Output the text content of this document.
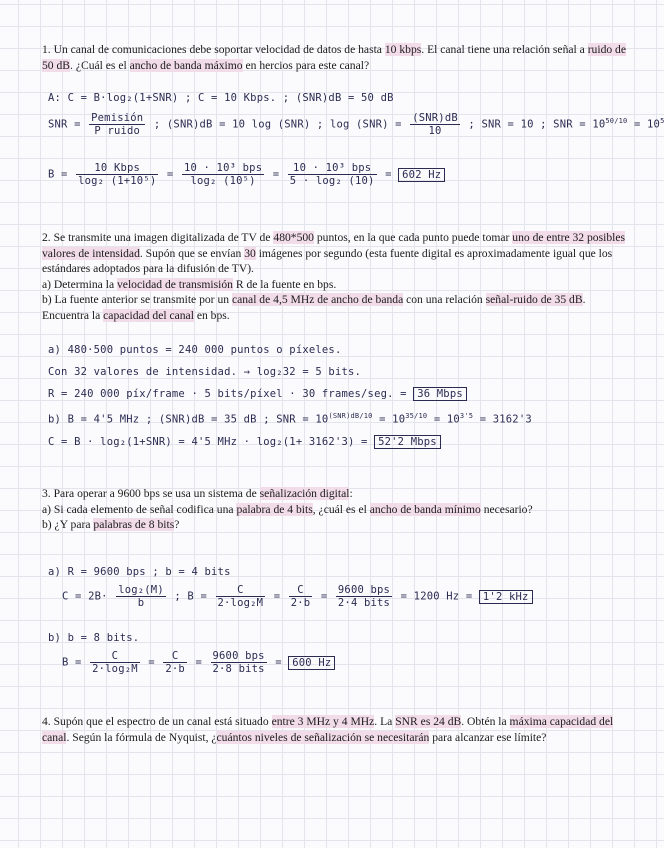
1. Un canal de comunicaciones debe soportar velocidad de datos de hasta 10 kbps. El canal tiene una relación señal a ruido de 50 dB. ¿Cuál es el ancho de banda máximo en hercios para este canal?

A: C = B·log₂(1+SNR) ; C = 10 Kbps. ; (SNR)dB = 50 dB
SNR = $\frac{\text{Pemisión}}{\text{P ruido}}$ ; (SNR)dB = 10 log (SNR) ; $\log (SNR) = \frac{\text{(SNR)dB}}{10}$ ; SNR = 10 ; SNR = $10^{50/10} = 10^5$
$B = \frac{\text{10 Kbps}}{\text{log₂ (1+10⁵)}} = \frac{\text{10 · 10³ bps}}{\text{log₂ (10⁵)}} = \frac{\text{10 · 10³ bps}}{\text{5 · log₂ (10)}} = 602$ Hz

2. Se transmite una imagen digitalizada de TV de 480*500 puntos, en la que cada punto puede tomar uno de entre 32 posibles valores de intensidad. Supón que se envían 30 imágenes por segundo (esta fuente digital es aproximadamente igual que los estándares adoptados para la difusión de TV).

a) Determina la velocidad de transmisión R de la fuente en bps.

b) La fuente anterior se transmite por un canal de 4,5 MHz de ancho de banda con una relación señal-ruido de 35 dB. Encuentra la capacidad del canal en bps.

a) 480·500 puntos = 240 000 puntos o píxeles.
Con 32 valores de intensidad. → log₂32 = 5 bits.
R = 240 000 píx/frame · 5 bits/píxel · 30 frames/seg. = 36 Mbps
b) B = 4'5 MHz ; (SNR)dB = 35 dB ; SNR = $10^{(SNR)dB/10} = 10^{35/10} = 10^{3'5} = 3162'3$
C = B · log₂(1+SNR) = 4'5 MHz · log₂(1+ 3162'3) = 52'2 Mbps

3. Para operar a 9600 bps se usa un sistema de señalización digital:

a) Si cada elemento de señal codifica una palabra de 4 bits, ¿cuál es el ancho de banda mínimo necesario?

b) ¿Y para palabras de 8 bits?

a) R = 9600 bps ; b = 4 bits
$C = 2B\cdot \frac{\text{log₂(M)}}{b}$ ; $B = \frac{C}{\text{2·log₂M}} = \frac{C}{2\cdot b} = \frac{\text{9600 bps}}{\text{2·4 bits}} = 1200$ Hz = 1'2 kHz
b) b = 8 bits.
$B = \frac{C}{\text{2·log₂M}} = \frac{C}{2\cdot b} = \frac{\text{9600 bps}}{\text{2·8 bits}} = 600$ Hz

4. Supón que el espectro de un canal está situado entre 3 MHz y 4 MHz. La SNR es 24 dB. Obtén la máxima capacidad del canal. Según la fórmula de Nyquist, ¿cuántos niveles de señalización se necesitarán para alcanzar ese límite?
